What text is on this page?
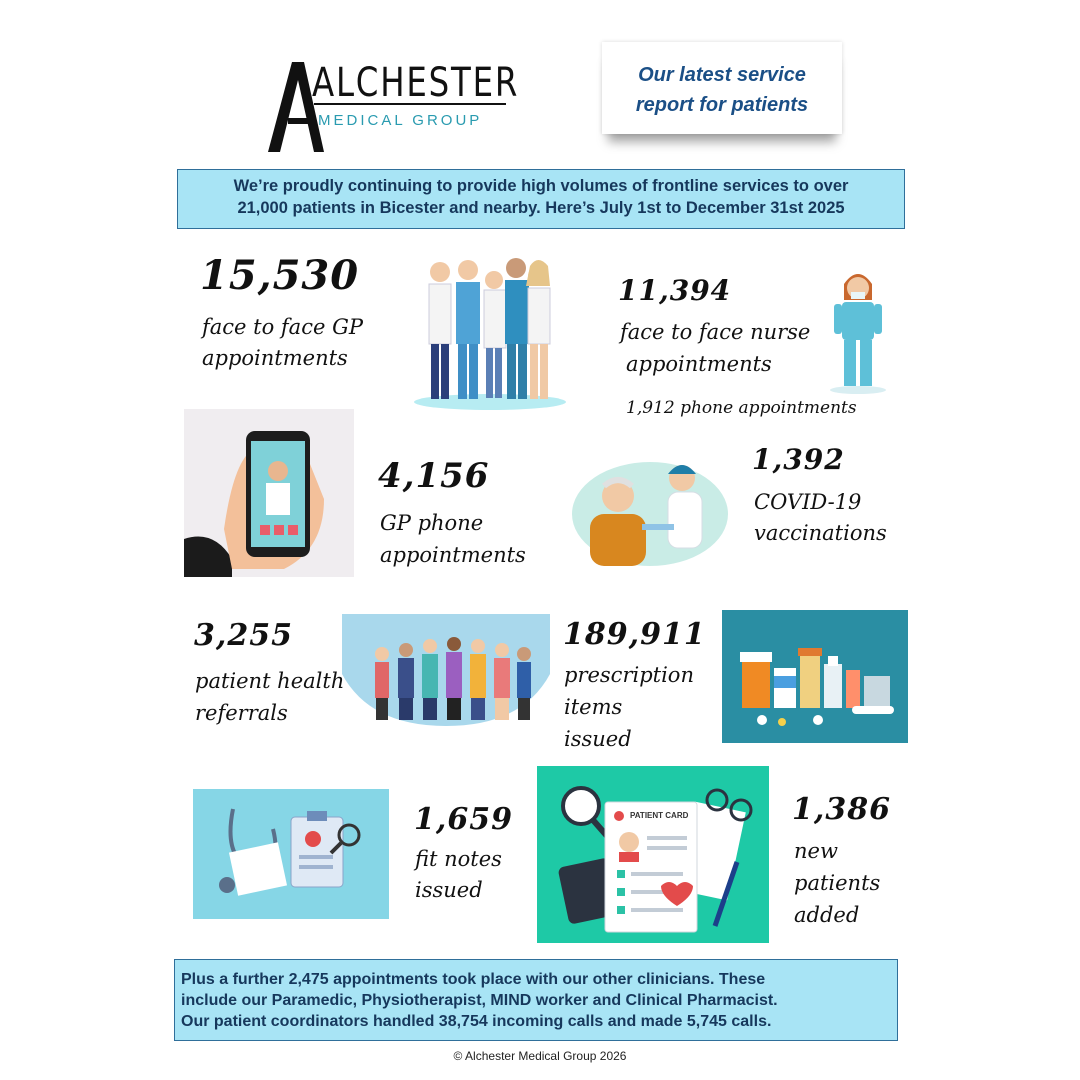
ALCHESTER
MEDICAL GROUP
Our latest service
report for patients
We’re proudly continuing to provide high volumes of frontline services to over
21,000 patients in Bicester and nearby. Here’s July 1st to December 31st 2025
15,530
face to face GP
appointments
11,394
face to face nurse
appointments
1,912 phone appointments
4,156
GP phone
appointments
1,392
COVID-19
vaccinations
3,255
patient health
referrals
189,911
prescription
items
issued
1,659
fit notes
issued
PATIENT CARD	1,386
new
patients
added
Plus a further 2,475 appointments took place with our other clinicians. These
include our Paramedic, Physiotherapist, MIND worker and Clinical Pharmacist.
Our patient coordinators handled 38,754 incoming calls and made 5,745 calls.
© Alchester Medical Group 2026
